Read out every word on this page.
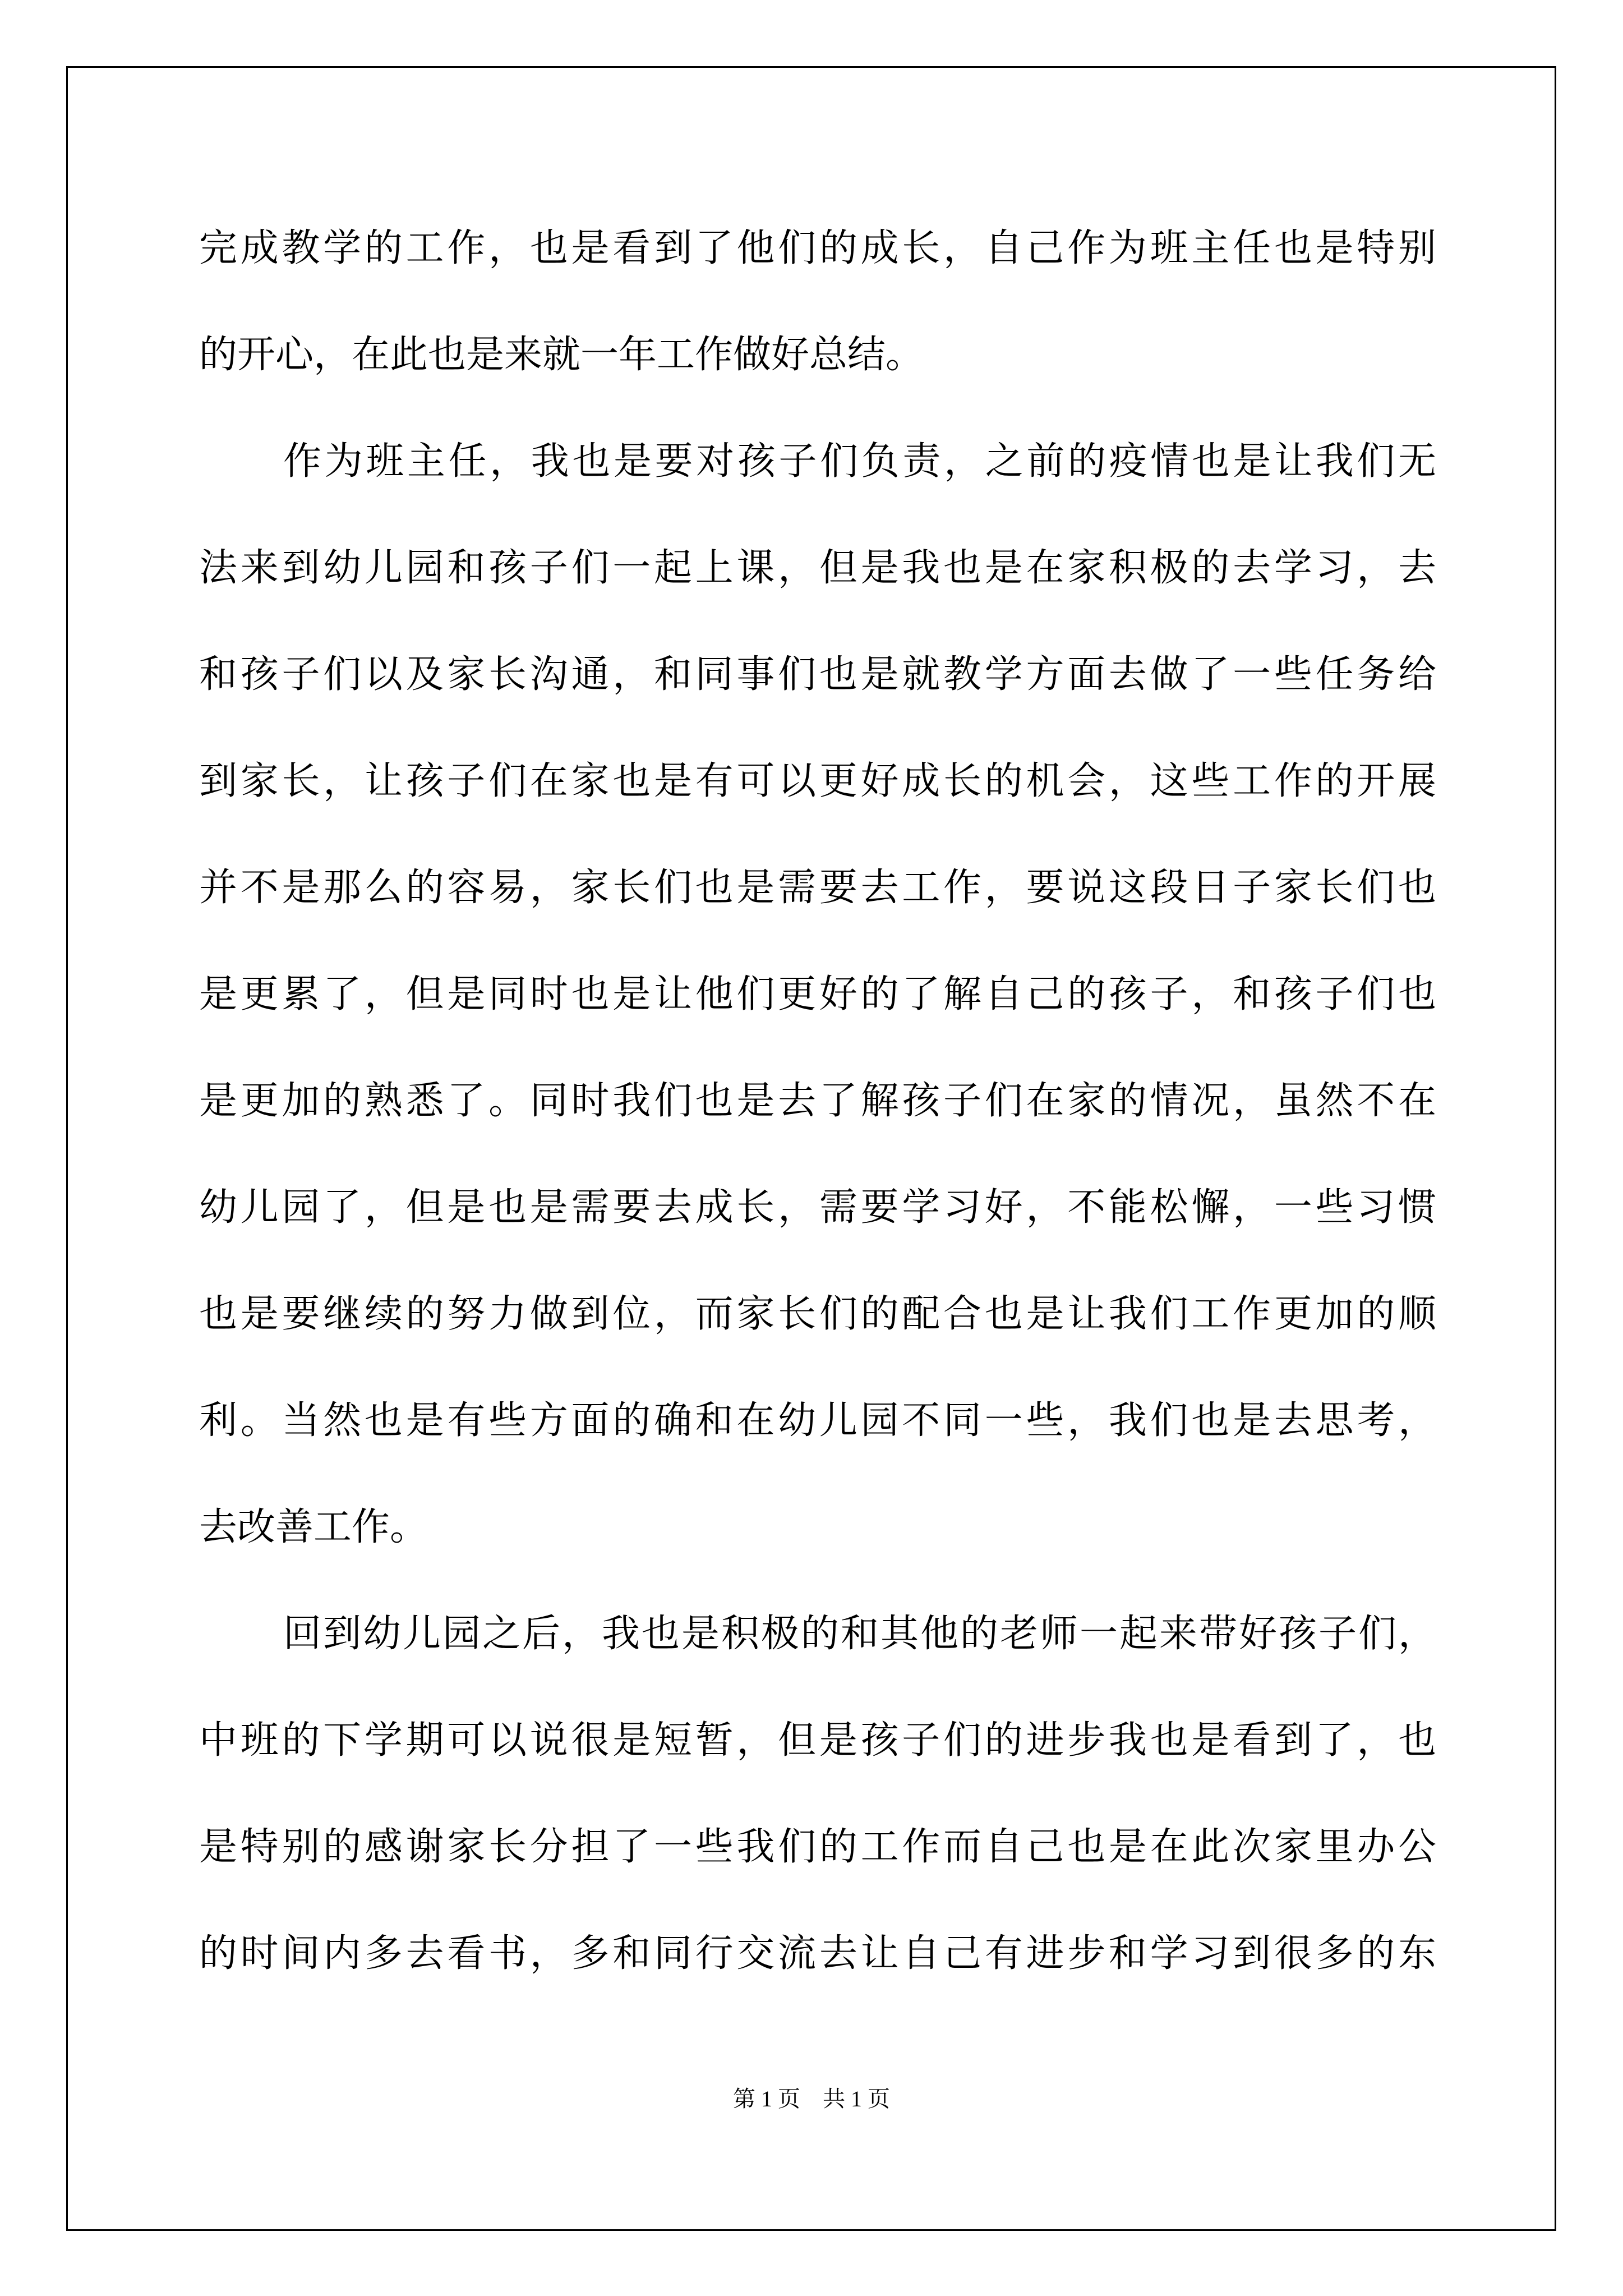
完成教学的工作，也是看到了他们的成长，自己作为班主任也是特别
的开心，在此也是来就一年工作做好总结。
作为班主任，我也是要对孩子们负责，之前的疫情也是让我们无
法来到幼儿园和孩子们一起上课，但是我也是在家积极的去学习，去
和孩子们以及家长沟通，和同事们也是就教学方面去做了一些任务给
到家长，让孩子们在家也是有可以更好成长的机会，这些工作的开展
并不是那么的容易，家长们也是需要去工作，要说这段日子家长们也
是更累了，但是同时也是让他们更好的了解自己的孩子，和孩子们也
是更加的熟悉了。同时我们也是去了解孩子们在家的情况，虽然不在
幼儿园了，但是也是需要去成长，需要学习好，不能松懈，一些习惯
也是要继续的努力做到位，而家长们的配合也是让我们工作更加的顺
利。当然也是有些方面的确和在幼儿园不同一些，我们也是去思考，
去改善工作。
回到幼儿园之后，我也是积极的和其他的老师一起来带好孩子们，
中班的下学期可以说很是短暂，但是孩子们的进步我也是看到了，也
是特别的感谢家长分担了一些我们的工作而自己也是在此次家里办公
的时间内多去看书，多和同行交流去让自己有进步和学习到很多的东
第 1 页　共 1 页
